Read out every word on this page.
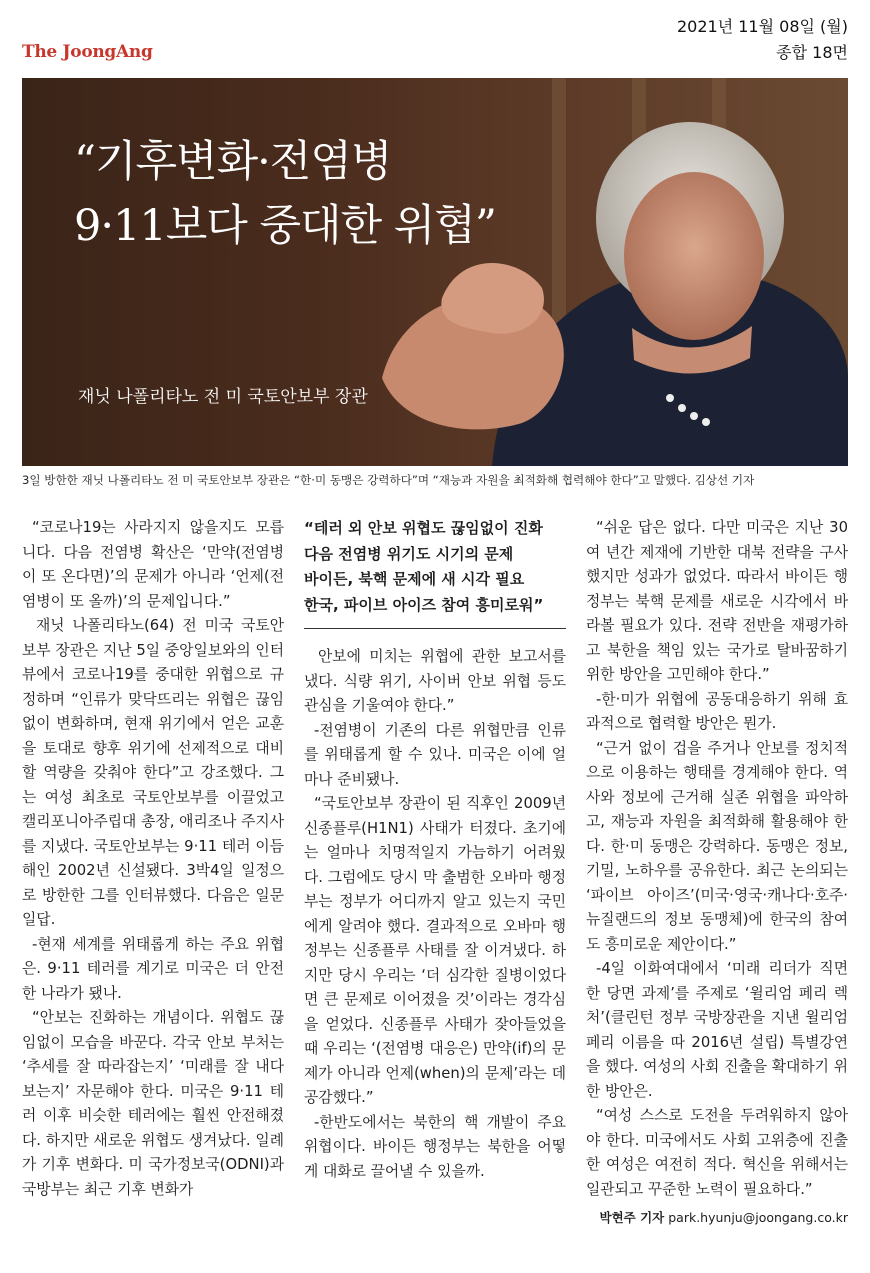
The JoongAng
2021년 11월 08일 (월)
종합 18면
“기후변화·전염병
9·11보다 중대한 위협”
재닛 나폴리타노 전 미 국토안보부 장관
3일 방한한 재닛 나폴리타노 전 미 국토안보부 장관은 “한·미 동맹은 강력하다”며 “재능과 자원을 최적화해 협력해야 한다”고 말했다. 김상선 기자

“코로나19는 사라지지 않을지도 모릅니다. 다음 전염병 확산은 ‘만약(전염병이 또 온다면)’의 문제가 아니라 ‘언제(전염병이 또 올까)’의 문제입니다.”

재닛 나폴리타노(64) 전 미국 국토안보부 장관은 지난 5일 중앙일보와의 인터뷰에서 코로나19를 중대한 위협으로 규정하며 “인류가 맞닥뜨리는 위협은 끊임없이 변화하며, 현재 위기에서 얻은 교훈을 토대로 향후 위기에 선제적으로 대비할 역량을 갖춰야 한다”고 강조했다. 그는 여성 최초로 국토안보부를 이끌었고 캘리포니아주립대 총장, 애리조나 주지사를 지냈다. 국토안보부는 9·11 테러 이듬해인 2002년 신설됐다. 3박4일 일정으로 방한한 그를 인터뷰했다. 다음은 일문일답.

-현재 세계를 위태롭게 하는 주요 위협은. 9·11 테러를 계기로 미국은 더 안전한 나라가 됐나.

“안보는 진화하는 개념이다. 위협도 끊임없이 모습을 바꾼다. 각국 안보 부처는 ‘추세를 잘 따라잡는지’ ‘미래를 잘 내다보는지’ 자문해야 한다. 미국은 9·11 테러 이후 비슷한 테러에는 훨씬 안전해졌다. 하지만 새로운 위협도 생겨났다. 일례가 기후 변화다. 미 국가정보국(ODNI)과 국방부는 최근 기후 변화가

“테러 외 안보 위협도 끊임없이 진화
다음 전염병 위기도 시기의 문제
바이든, 북핵 문제에 새 시각 필요
한국, 파이브 아이즈 참여 흥미로워”

안보에 미치는 위협에 관한 보고서를 냈다. 식량 위기, 사이버 안보 위협 등도 관심을 기울여야 한다.”

-전염병이 기존의 다른 위협만큼 인류를 위태롭게 할 수 있나. 미국은 이에 얼마나 준비됐나.

“국토안보부 장관이 된 직후인 2009년 신종플루(H1N1) 사태가 터졌다. 초기에는 얼마나 치명적일지 가늠하기 어려웠다. 그럼에도 당시 막 출범한 오바마 행정부는 정부가 어디까지 알고 있는지 국민에게 알려야 했다. 결과적으로 오바마 행정부는 신종플루 사태를 잘 이겨냈다. 하지만 당시 우리는 ‘더 심각한 질병이었다면 큰 문제로 이어졌을 것’이라는 경각심을 얻었다. 신종플루 사태가 잦아들었을 때 우리는 ‘(전염병 대응은) 만약(if)의 문제가 아니라 언제(when)의 문제’라는 데 공감했다.”

-한반도에서는 북한의 핵 개발이 주요 위협이다. 바이든 행정부는 북한을 어떻게 대화로 끌어낼 수 있을까.

“쉬운 답은 없다. 다만 미국은 지난 30여 년간 제재에 기반한 대북 전략을 구사했지만 성과가 없었다. 따라서 바이든 행정부는 북핵 문제를 새로운 시각에서 바라볼 필요가 있다. 전략 전반을 재평가하고 북한을 책임 있는 국가로 탈바꿈하기 위한 방안을 고민해야 한다.”

-한·미가 위협에 공동대응하기 위해 효과적으로 협력할 방안은 뭔가.

“근거 없이 겁을 주거나 안보를 정치적으로 이용하는 행태를 경계해야 한다. 역사와 정보에 근거해 실존 위협을 파악하고, 재능과 자원을 최적화해 활용해야 한다. 한·미 동맹은 강력하다. 동맹은 정보, 기밀, 노하우를 공유한다. 최근 논의되는 ‘파이브 아이즈’(미국·영국·캐나다·호주·뉴질랜드의 정보 동맹체)에 한국의 참여도 흥미로운 제안이다.”

-4일 이화여대에서 ‘미래 리더가 직면한 당면 과제’를 주제로 ‘윌리엄 페리 렉처’(클린턴 정부 국방장관을 지낸 윌리엄 페리 이름을 따 2016년 설립) 특별강연을 했다. 여성의 사회 진출을 확대하기 위한 방안은.

“여성 스스로 도전을 두려워하지 않아야 한다. 미국에서도 사회 고위층에 진출한 여성은 여전히 적다. 혁신을 위해서는 일관되고 꾸준한 노력이 필요하다.”

박현주 기자 park.hyunju@joongang.co.kr
